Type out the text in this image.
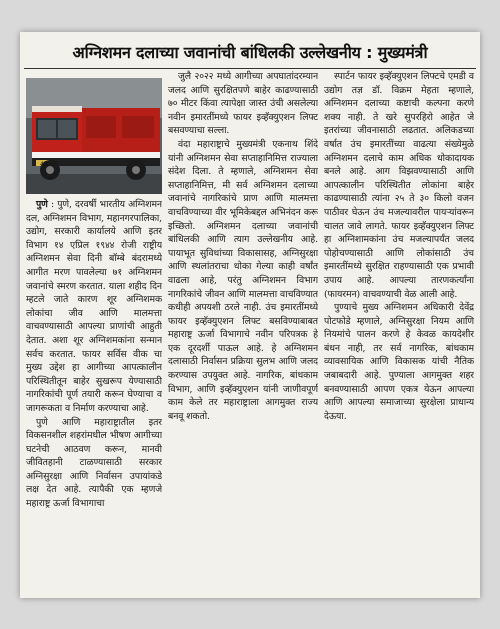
अग्निशमन दलाच्या जवानांची बांधिलकी उल्लेखनीय : मुख्यमंत्री
48

पुणे : पुणे, दरवर्षी भारतीय अग्निशमन दल, अग्निशमन विभाग, महानगरपालिका, उद्योग, सरकारी कार्यालये आणि इतर विभाग १४ एप्रिल १९४४ रोजी राष्ट्रीय अग्निशमन सेवा दिनी बॉम्बे बंदरामध्ये आगीत मरण पावलेल्या ७१ अग्निशमन जवानांचे स्मरण करतात. याला शहीद दिन म्हटले जाते कारण शूर अग्निशमक लोकांचा जीव आणि मालमत्ता वाचवण्यासाठी आपल्या प्राणांची आहुती देतात. अशा शूर अग्निशमकांना सन्मान सर्वच करतात. फायर सर्विस वीक चा मुख्य उद्देश हा आगीच्या आपत्कालीन परिस्थितीतून बाहेर सुखरूप येण्यासाठी नागरिकांची पूर्ण तयारी करून घेण्याचा व जागरूकता व निर्माण करण्याचा आहे.

पुणे आणि महाराष्ट्रातील इतर विकसनशील शहरांमधील भीषण आगीच्या घटनेची आठवण करून, मानवी जीवितहानी टाळण्यासाठी सरकार अग्निसुरक्षा आणि निर्वासन उपायांकडे लक्ष देत आहे. त्यापैकी एक म्हणजे महाराष्ट्र ऊर्जा विभागाचा

जुलै २०२२ मध्ये आगीच्या अपघातांदरम्यान जलद आणि सुरक्षितपणे बाहेर काढण्यासाठी ७० मीटर किंवा त्यापेक्षा जास्त उंची असलेल्या नवीन इमारतींमध्ये फायर इव्हॅक्युएशन लिफ्ट बसवण्याचा सल्ला.

वंदा महाराष्ट्राचे मुख्यमंत्री एकनाथ शिंदे यांनी अग्निशमन सेवा सप्ताहानिमित्त राज्याला संदेश दिला. ते म्हणाले, अग्निशमन सेवा सप्ताहानिमित्त, मी सर्व अग्निशमन दलाच्या जवानांचे नागरिकांचे प्राण आणि मालमत्ता वाचविण्याच्या वीर भूमिकेबद्दल अभिनंदन करू इच्छितो. अग्निशमन दलाच्या जवानांची बांधिलकी आणि त्याग उल्लेखनीय आहे. पायाभूत सुविधांच्या विकासासह, अग्निसुरक्षा आणि स्थलांतराचा धोका गेल्या काही वर्षांत वाढला आहे, परंतु अग्निशमन विभाग नागरिकांचे जीवन आणि मालमत्ता वाचविण्यात कधीही अपयशी ठरले नाही. उंच इमारतींमध्ये फायर इव्हॅक्युएशन लिफ्ट बसविण्याबाबत महाराष्ट्र ऊर्जा विभागाचे नवीन परिपत्रक हे एक दूरदर्शी पाऊल आहे. हे अग्निशमन दलासाठी निर्वासन प्रक्रिया सुलभ आणि जलद करण्यास उपयुक्त आहे. नागरिक, बांधकाम विभाग, आणि इव्हॅक्युएशन यांनी जाणीवपूर्ण काम केले तर महाराष्ट्राला आगमुक्त राज्य बनवू शकतो.

स्पार्टन फायर इव्हॅक्युएशन लिफ्टचे एमडी व उद्योग तज्ञ डॉ. विक्रम मेहता म्हणाले, अग्निशमन दलाच्या कष्टाची कल्पना करणे शक्य नाही. ते खरे सुपरहिरो आहेत जे इतरांच्या जीवनासाठी लढतात. अलिकडच्या वर्षात उंच इमारतींच्या वाढत्या संख्येमुळे अग्निशमन दलाचे काम अधिक धोकादायक बनले आहे. आग विझवण्यासाठी आणि आपत्कालीन परिस्थितीत लोकांना बाहेर काढण्यासाठी त्यांना २५ ते ३० किलो वजन पाठीवर घेऊन उंच मजल्यावरील पायऱ्यांवरून चालत जावे लागते. फायर इव्हॅक्युएशन लिफ्ट हा अग्निशामकांना उंच मजल्यापर्यंत जलद पोहोचण्यासाठी आणि लोकांसाठी उंच इमारतींमध्ये सुरक्षित राहण्यासाठी एक प्रभावी उपाय आहे. आपल्या तारणकर्त्यांना (फायरमन) वाचवण्याची वेळ आली आहे.

पुण्याचे मुख्य अग्निशमन अधिकारी देवेंद्र पोटफोडे म्हणाले, अग्निसुरक्षा नियम आणि नियमांचे पालन करणे हे केवळ कायदेशीर बंधन नाही, तर सर्व नागरिक, बांधकाम व्यावसायिक आणि विकासक यांची नैतिक जबाबदारी आहे. पुण्याला आगमुक्त शहर बनवण्यासाठी आपण एकत्र येऊन आपल्या आणि आपल्या समाजाच्या सुरक्षेला प्राधान्य देऊया.
